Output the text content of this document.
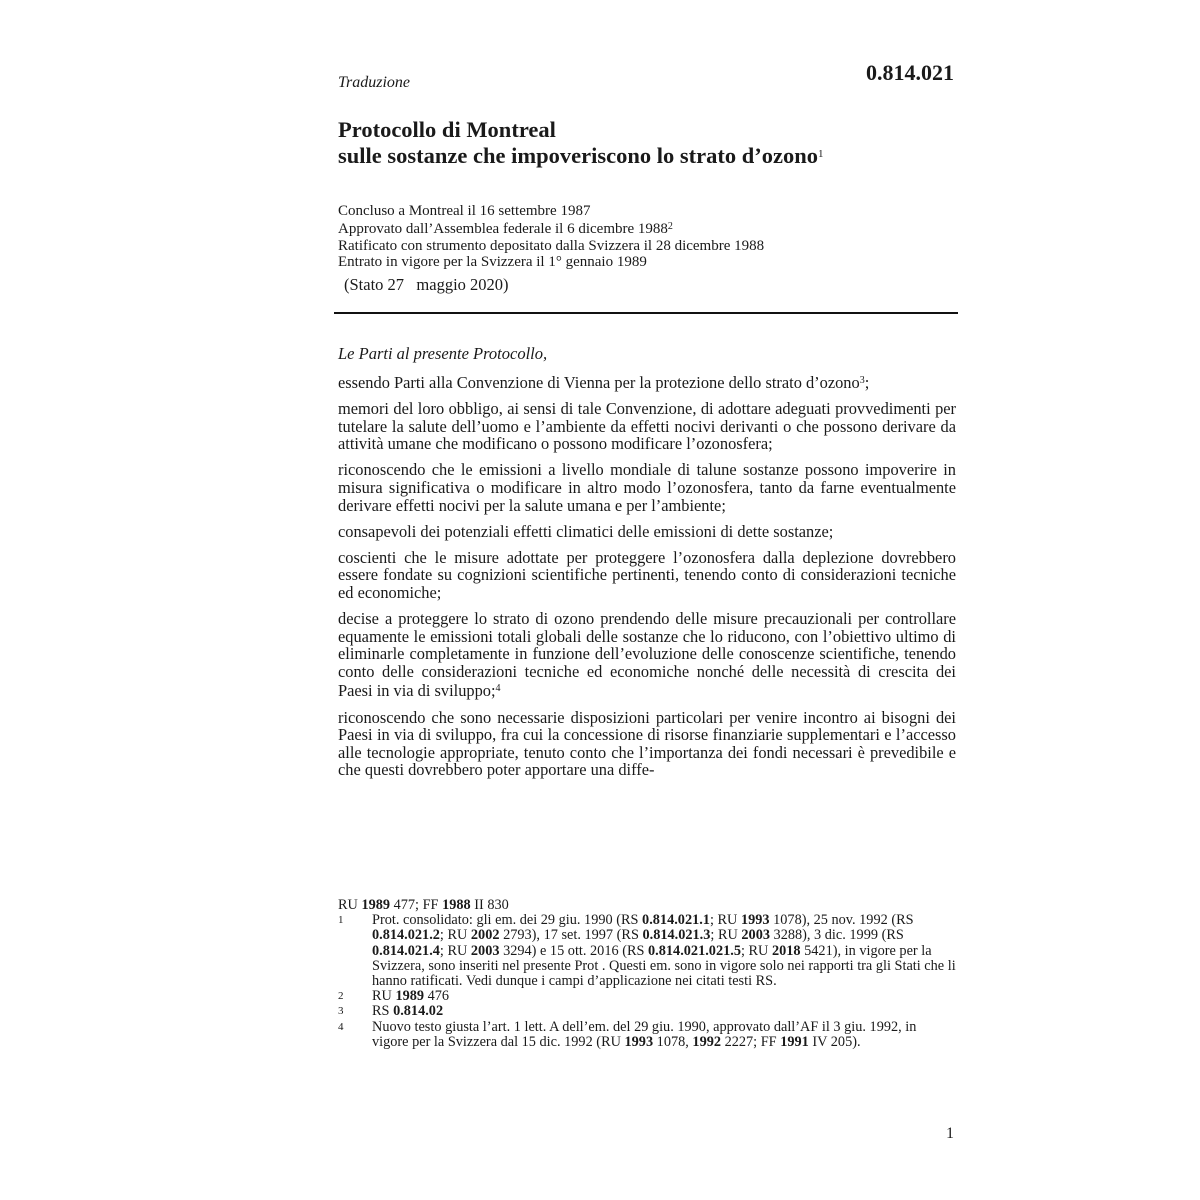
Traduzione	0.814.021
Protocollo di Montreal
sulle sostanze che impoveriscono lo strato d’ozono$^1$
Concluso a Montreal il 16 settembre 1987
Approvato dall’Assemblea federale il 6 dicembre 1988$^2$
Ratificato con strumento depositato dalla Svizzera il 28 dicembre 1988
Entrato in vigore per la Svizzera il 1° gennaio 1989
(Stato 27   maggio 2020)
Le Parti al presente Protocollo,

essendo Parti alla Convenzione di Vienna per la protezione dello strato d’ozono$^3$;

memori del loro obbligo, ai sensi di tale Convenzione, di adottare adeguati provvedimenti per tutelare la salute dell’uomo e l’ambiente da effetti nocivi derivanti o che possono derivare da attività umane che modificano o possono modificare l’ozonosfera;

riconoscendo che le emissioni a livello mondiale di talune sostanze possono impoverire in misura significativa o modificare in altro modo l’ozonosfera, tanto da farne eventualmente derivare effetti nocivi per la salute umana e per l’ambiente;

consapevoli dei potenziali effetti climatici delle emissioni di dette sostanze;

coscienti che le misure adottate per proteggere l’ozonosfera dalla deplezione dovrebbero essere fondate su cognizioni scientifiche pertinenti, tenendo conto di considerazioni tecniche ed economiche;

decise a proteggere lo strato di ozono prendendo delle misure precauzionali per controllare equamente le emissioni totali globali delle sostanze che lo riducono, con l’obiettivo ultimo di eliminarle completamente in funzione dell’evoluzione delle conoscenze scientifiche, tenendo conto delle considerazioni tecniche ed economiche nonché delle necessità di crescita dei Paesi in via di sviluppo;$^4$

riconoscendo che sono necessarie disposizioni particolari per venire incontro ai bisogni dei Paesi in via di sviluppo, fra cui la concessione di risorse finanziarie supplementari e l’accesso alle tecnologie appropriate, tenuto conto che l’importanza dei fondi necessari è prevedibile e che questi dovrebbero poter apportare una diffe-

RU 1989 477; FF 1988 II 830
1	Prot. consolidato: gli em. dei 29 giu. 1990 (RS 0.814.021.1; RU 1993 1078), 25 nov. 1992 (RS 0.814.021.2; RU 2002 2793), 17 set. 1997 (RS 0.814.021.3; RU 2003 3288), 3 dic. 1999 (RS 0.814.021.4; RU 2003 3294) e 15 ott. 2016 (RS 0.814.021.021.5; RU 2018 5421), in vigore per la Svizzera, sono inseriti nel presente Prot . Questi em. sono in vigore solo nei rapporti tra gli Stati che li hanno ratificati. Vedi dunque i campi d’applicazione nei citati testi RS.
2	RU 1989 476
3	RS 0.814.02
4	Nuovo testo giusta l’art. 1 lett. A dell’em. del 29 giu. 1990, approvato dall’AF il 3 giu. 1992, in vigore per la Svizzera dal 15 dic. 1992 (RU 1993 1078, 1992 2227; FF 1991 IV 205).
1
